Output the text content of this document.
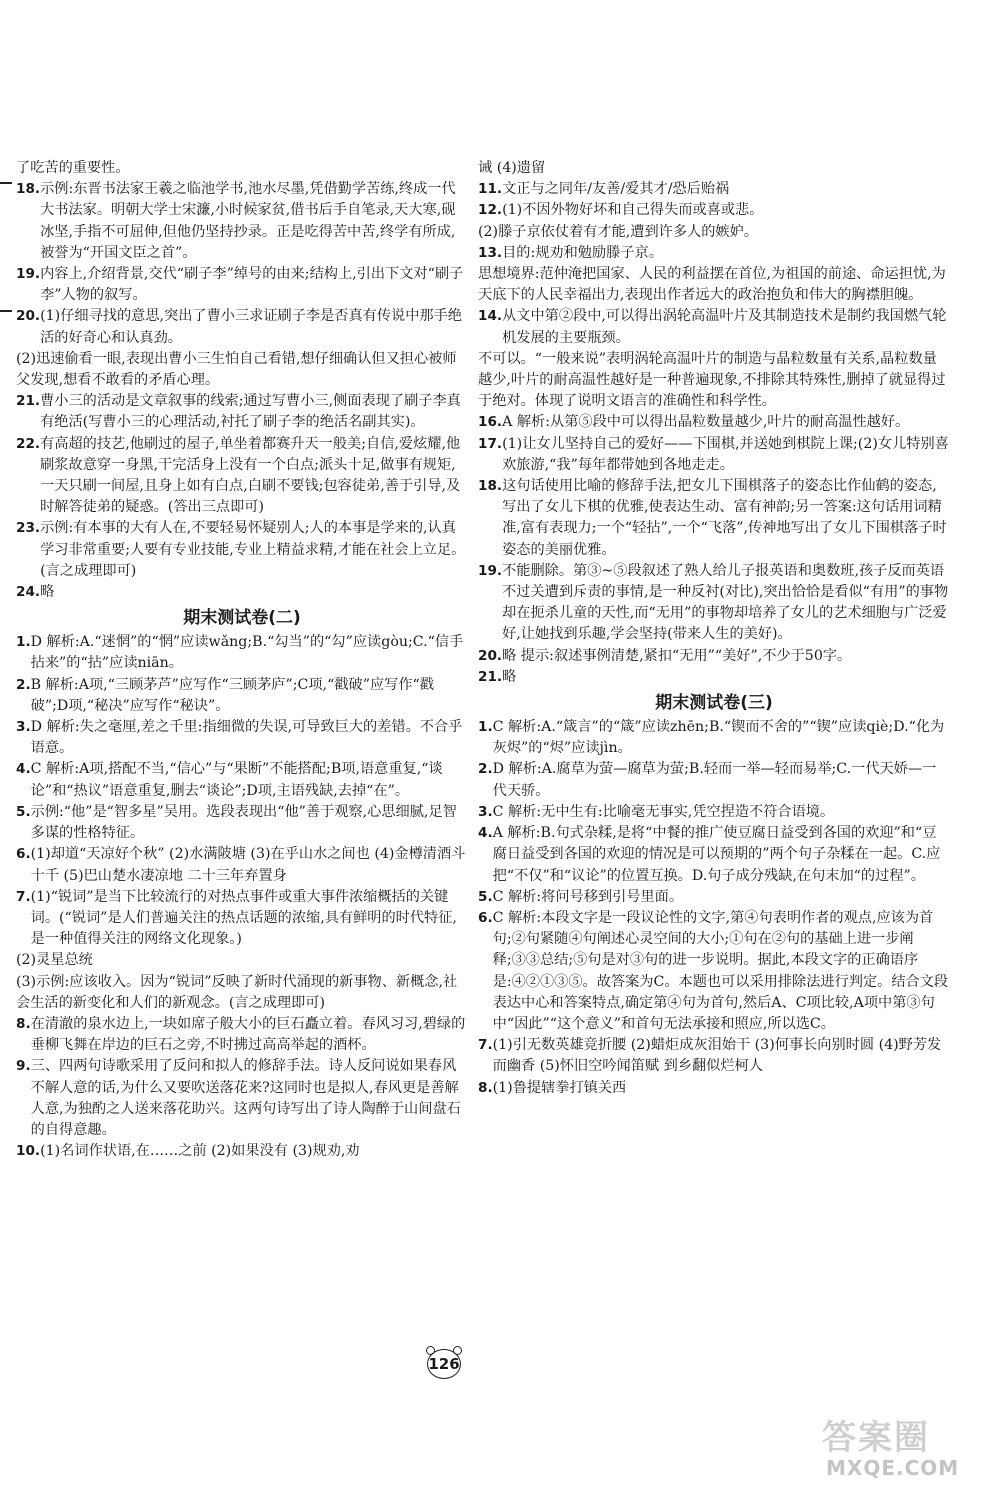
了吃苦的重要性。
18. 示例:东晋书法家王羲之临池学书,池水尽墨,凭借勤学苦练,终成一代大书法家。明朝大学士宋濂,小时候家贫,借书后手自笔录,天大寒,砚冰坚,手指不可屈伸,但他仍坚持抄录。正是吃得苦中苦,终学有所成,被誉为“开国文臣之首”。
19. 内容上,介绍背景,交代“刷子李”绰号的由来;结构上,引出下文对“刷子李”人物的叙写。
20. (1)仔细寻找的意思,突出了曹小三求证刷子李是否真有传说中那手绝活的好奇心和认真劲。
(2)迅速偷看一眼,表现出曹小三生怕自己看错,想仔细确认但又担心被师父发现,想看不敢看的矛盾心理。
21. 曹小三的活动是文章叙事的线索;通过写曹小三,侧面表现了刷子李真有绝活(写曹小三的心理活动,衬托了刷子李的绝活名副其实)。
22. 有高超的技艺,他刷过的屋子,单坐着都赛升天一般美;自信,爱炫耀,他刷浆故意穿一身黑,干完活身上没有一个白点;派头十足,做事有规矩,一天只刷一间屋,且身上如有白点,白刷不要钱;包容徒弟,善于引导,及时解答徒弟的疑惑。(答出三点即可)
23. 示例:有本事的大有人在,不要轻易怀疑别人;人的本事是学来的,认真学习非常重要;人要有专业技能,专业上精益求精,才能在社会上立足。(言之成理即可)
24. 略
期末测试卷(二)
1. D 解析:A.“迷惘”的“惘”应读wǎng;B.“勾当”的“勾”应读gòu;C.“信手拈来”的“拈”应读niān。
2. B 解析:A项,“三顾茅芦”应写作“三顾茅庐”;C项,“戳破”应写作“戳破”;D项,“秘决”应写作“秘诀”。
3. D 解析:失之毫厘,差之千里:指细微的失误,可导致巨大的差错。不合乎语意。
4. C 解析:A项,搭配不当,“信心”与“果断”不能搭配;B项,语意重复,“谈论”和“热议”语意重复,删去“谈论”;D项,主语残缺,去掉“在”。
5. 示例:“他”是“智多星”吴用。选段表现出“他”善于观察,心思细腻,足智多谋的性格特征。
6. (1)却道“天凉好个秋” (2)水满陂塘 (3)在乎山水之间也 (4)金樽清酒斗十千 (5)巴山楚水凄凉地 二十三年弃置身
7. (1)“锐词”是当下比较流行的对热点事件或重大事件浓缩概括的关键词。(“锐词”是人们普遍关注的热点话题的浓缩,具有鲜明的时代特征,是一种值得关注的网络文化现象。)
(2)灵星总统
(3)示例:应该收入。因为“锐词”反映了新时代涌现的新事物、新概念,社会生活的新变化和人们的新观念。(言之成理即可)
8. 在清澈的泉水边上,一块如席子般大小的巨石矗立着。春风习习,碧绿的垂柳飞舞在岸边的巨石之旁,不时拂过高高举起的酒杯。
9. 三、四两句诗歌采用了反问和拟人的修辞手法。诗人反问说如果春风不解人意的话,为什么又要吹送落花来?这同时也是拟人,春风更是善解人意,为独酌之人送来落花助兴。这两句诗写出了诗人陶醉于山间盘石的自得意趣。
10. (1)名词作状语,在……之前 (2)如果没有 (3)规劝,劝
诫 (4)遗留
11. 文正与之同年/友善/爱其才/恐后贻祸
12. (1)不因外物好坏和自己得失而或喜或悲。
(2)滕子京依仗着有才能,遭到许多人的嫉妒。
13. 目的:规劝和勉励滕子京。
思想境界:范仲淹把国家、人民的利益摆在首位,为祖国的前途、命运担忧,为天底下的人民幸福出力,表现出作者远大的政治抱负和伟大的胸襟胆魄。
14. 从文中第②段中,可以得出涡轮高温叶片及其制造技术是制约我国燃气轮机发展的主要瓶颈。
不可以。“一般来说”表明涡轮高温叶片的制造与晶粒数量有关系,晶粒数量越少,叶片的耐高温性越好是一种普遍现象,不排除其特殊性,删掉了就显得过于绝对。体现了说明文语言的准确性和科学性。
16. A 解析:从第⑤段中可以得出晶粒数量越少,叶片的耐高温性越好。
17. (1)让女儿坚持自己的爱好——下围棋,并送她到棋院上课;(2)女儿特别喜欢旅游,“我”每年都带她到各地走走。
18. 这句话使用比喻的修辞手法,把女儿下围棋落子的姿态比作仙鹤的姿态,写出了女儿下棋的优雅,使表达生动、富有神韵;另一答案:这句话用词精准,富有表现力;一个“轻拈”,一个“飞落”,传神地写出了女儿下围棋落子时姿态的美丽优雅。
19. 不能删除。第③~⑤段叙述了熟人给儿子报英语和奥数班,孩子反而英语不过关遭到斥责的事情,是一种反衬(对比),突出恰恰是看似“有用”的事物却在扼杀儿童的天性,而“无用”的事物却培养了女儿的艺术细胞与广泛爱好,让她找到乐趣,学会坚持(带来人生的美好)。
20. 略 提示:叙述事例清楚,紧扣“无用”“美好”,不少于50字。
21. 略
期末测试卷(三)
1. C 解析:A.“箴言”的“箴”应读zhēn;B.“锲而不舍的”“锲”应读qiè;D.“化为灰烬”的“烬”应读jìn。
2. D 解析:A.腐草为萤—腐草为萤;B.轻而一举—轻而易举;C.一代天娇—一代天骄。
3. C 解析:无中生有:比喻毫无事实,凭空捏造不符合语境。
4. A 解析:B.句式杂糅,是将“中餐的推广使豆腐日益受到各国的欢迎”和“豆腐日益受到各国的欢迎的情况是可以预期的”两个句子杂糅在一起。C.应把“不仅”和“议论”的位置互换。D.句子成分残缺,在句末加“的过程”。
5. C 解析:将问号移到引号里面。
6. C 解析:本段文字是一段议论性的文字,第④句表明作者的观点,应该为首句;②句紧随④句阐述心灵空间的大小;①句在②句的基础上进一步阐释;③③总结;⑤句是对③句的进一步说明。据此,本段文字的正确语序是:④②①③⑤。故答案为C。本题也可以采用排除法进行判定。结合文段表达中心和答案特点,确定第④句为首句,然后A、C项比较,A项中第③句中“因此”“这个意义”和首句无法承接和照应,所以选C。
7. (1)引无数英雄竞折腰 (2)蜡炬成灰泪始干 (3)何事长向别时圆 (4)野芳发而幽香 (5)怀旧空吟闻笛赋 到乡翻似烂柯人
8. (1)鲁提辖拳打镇关西
126
答案圈
MXQE.COM
